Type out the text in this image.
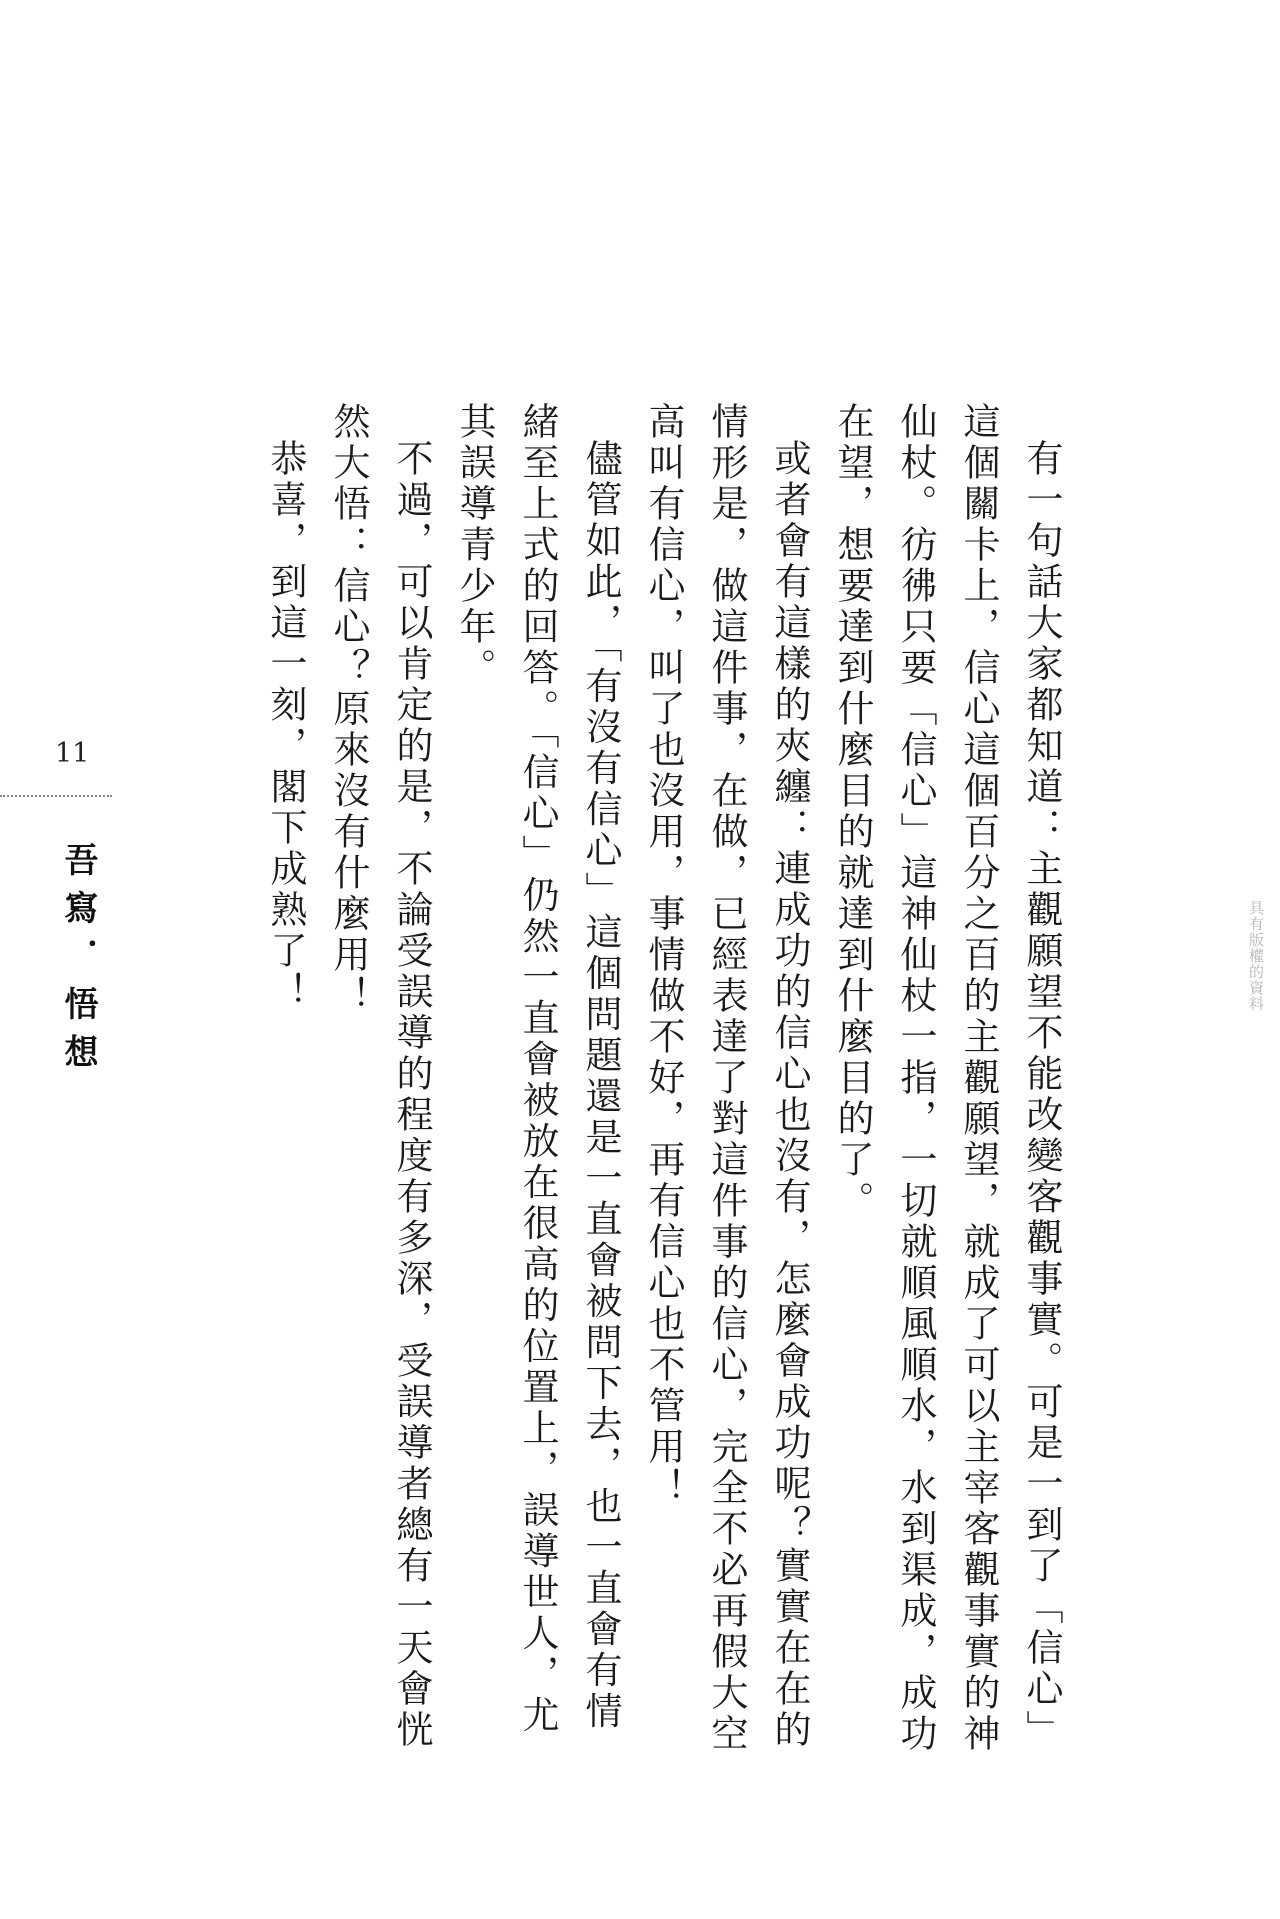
有一句話大家都知道：主觀願望不能改變客觀事實。可是一到了「信心」這個關卡上，信心這個百分之百的主觀願望，就成了可以主宰客觀事實的神仙杖。彷彿只要「信心」這神仙杖一指，一切就順風順水，水到渠成，成功在望，想要達到什麼目的就達到什麼目的了。

或者會有這樣的夾纏：連成功的信心也沒有，怎麼會成功呢？實實在在的情形是，做這件事，在做，已經表達了對這件事的信心，完全不必再假大空高叫有信心，叫了也沒用，事情做不好，再有信心也不管用！

儘管如此，「有沒有信心」這個問題還是一直會被問下去，也一直會有情緒至上式的回答。「信心」仍然一直會被放在很高的位置上，誤導世人，尤其誤導青少年。

不過，可以肯定的是，不論受誤導的程度有多深，受誤導者總有一天會恍然大悟：信心？原來沒有什麼用！

恭喜，到這一刻，閣下成熟了！

11
吾寫．悟想	具有版權的資料
